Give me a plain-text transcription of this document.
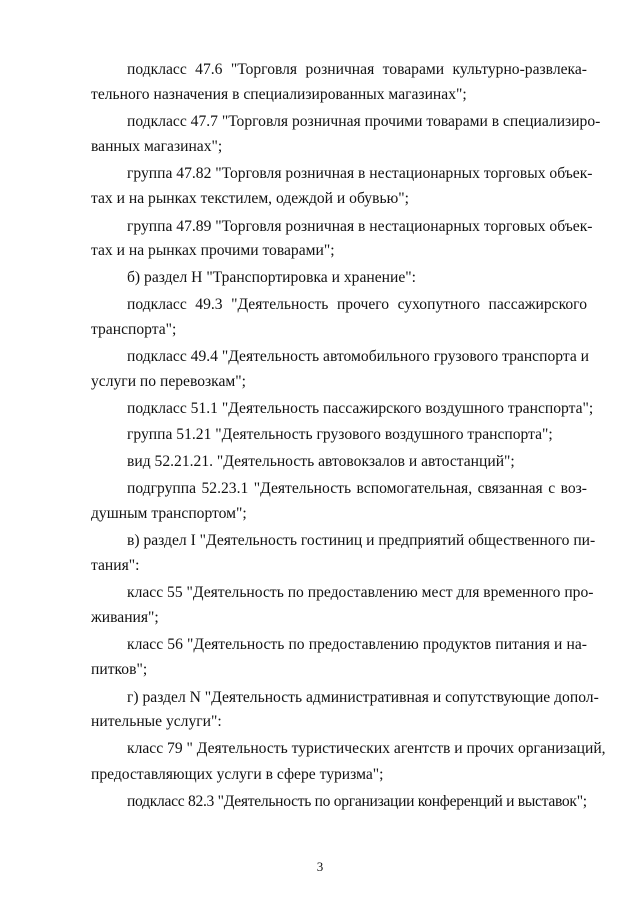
подкласс 47.6 "Торговля розничная товарами культурно-развлека-
тельного назначения в специализированных магазинах";
подкласс 47.7 "Торговля розничная прочими товарами в специализиро-
ванных магазинах";
группа 47.82 "Торговля розничная в нестационарных торговых объек-
тах и на рынках текстилем, одеждой и обувью";
группа 47.89 "Торговля розничная в нестационарных торговых объек-
тах и на рынках прочими товарами";
б) раздел H "Транспортировка и хранение":
подкласс 49.3 "Деятельность прочего сухопутного пассажирского
транспорта";
подкласс 49.4 "Деятельность автомобильного грузового транспорта и
услуги по перевозкам";
подкласс 51.1 "Деятельность пассажирского воздушного транспорта";
группа 51.21 "Деятельность грузового воздушного транспорта";
вид 52.21.21. "Деятельность автовокзалов и автостанций";
подгруппа 52.23.1 "Деятельность вспомогательная, связанная с воз-
душным транспортом";
в) раздел I "Деятельность гостиниц и предприятий общественного пи-
тания":
класс 55 "Деятельность по предоставлению мест для временного про-
живания";
класс 56 "Деятельность по предоставлению продуктов питания и на-
питков";
г) раздел N "Деятельность административная и сопутствующие допол-
нительные услуги":
класс 79 " Деятельность туристических агентств и прочих организаций,
предоставляющих услуги в сфере туризма";
подкласс 82.3 "Деятельность по организации конференций и выставок";
3
